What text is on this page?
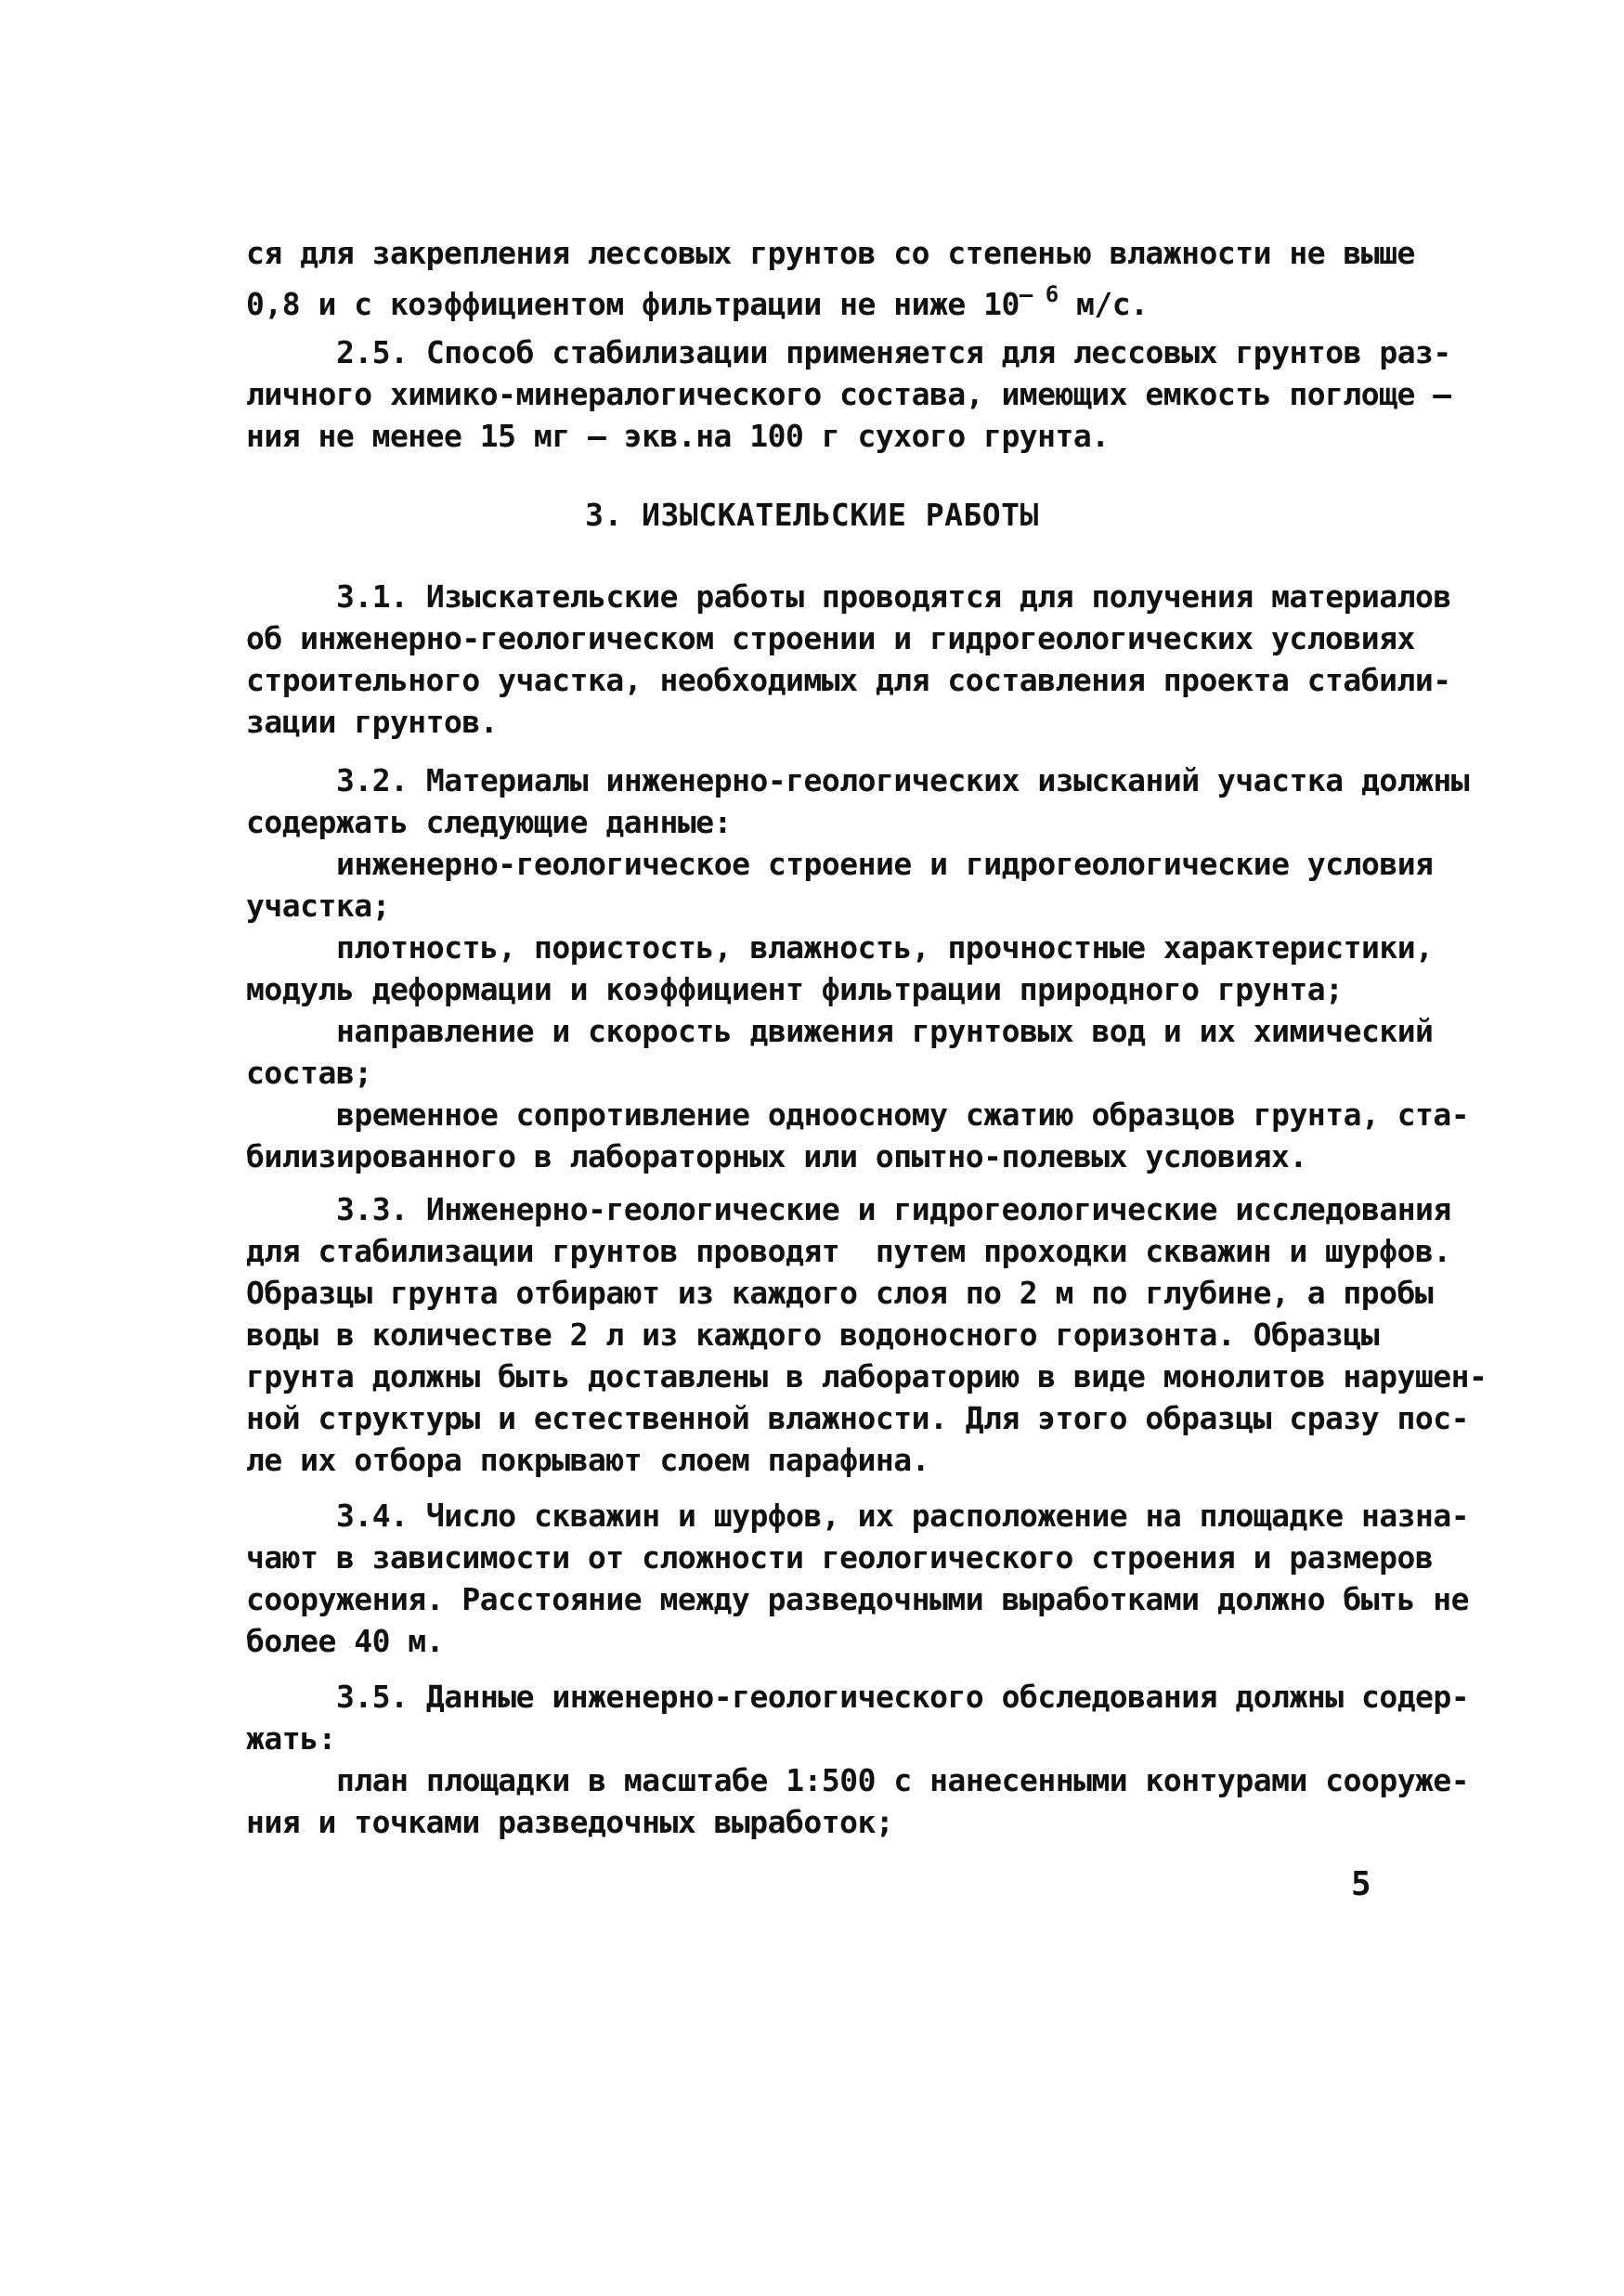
ся для закрепления лессовых грунтов со степенью влажности не выше
0,8 и с коэффициентом фильтрации не ниже $10^{- 6}$ м/с.
2.5. Способ стабилизации применяется для лессовых грунтов раз-
личного химико-минералогического состава, имеющих емкость поглоще –
ния не менее 15 мг – экв.на 100 г сухого грунта.
3. ИЗЫСКАТЕЛЬСКИЕ РАБОТЫ
3.1. Изыскательские работы проводятся для получения материалов
об инженерно-геологическом строении и гидрогеологических условиях
строительного участка, необходимых для составления проекта стабили-
зации грунтов.
3.2. Материалы инженерно-геологических изысканий участка должны
содержать следующие данные:
инженерно-геологическое строение и гидрогеологические условия
участка;
плотность, пористость, влажность, прочностные характеристики,
модуль деформации и коэффициент фильтрации природного грунта;
направление и скорость движения грунтовых вод и их химический
состав;
временное сопротивление одноосному сжатию образцов грунта, ста-
билизированного в лабораторных или опытно-полевых условиях.
3.3. Инженерно-геологические и гидрогеологические исследования
для стабилизации грунтов проводят  путем проходки скважин и шурфов.
Образцы грунта отбирают из каждого слоя по 2 м по глубине, а пробы
воды в количестве 2 л из каждого водоносного горизонта. Образцы
грунта должны быть доставлены в лабораторию в виде монолитов нарушен-
ной структуры и естественной влажности. Для этого образцы сразу пос-
ле их отбора покрывают слоем парафина.
3.4. Число скважин и шурфов, их расположение на площадке назна-
чают в зависимости от сложности геологического строения и размеров
сооружения. Расстояние между разведочными выработками должно быть не
более 40 м.
3.5. Данные инженерно-геологического обследования должны содер-
жать:
план площадки в масштабе 1:500 с нанесенными контурами сооруже-
ния и точками разведочных выработок;
5
